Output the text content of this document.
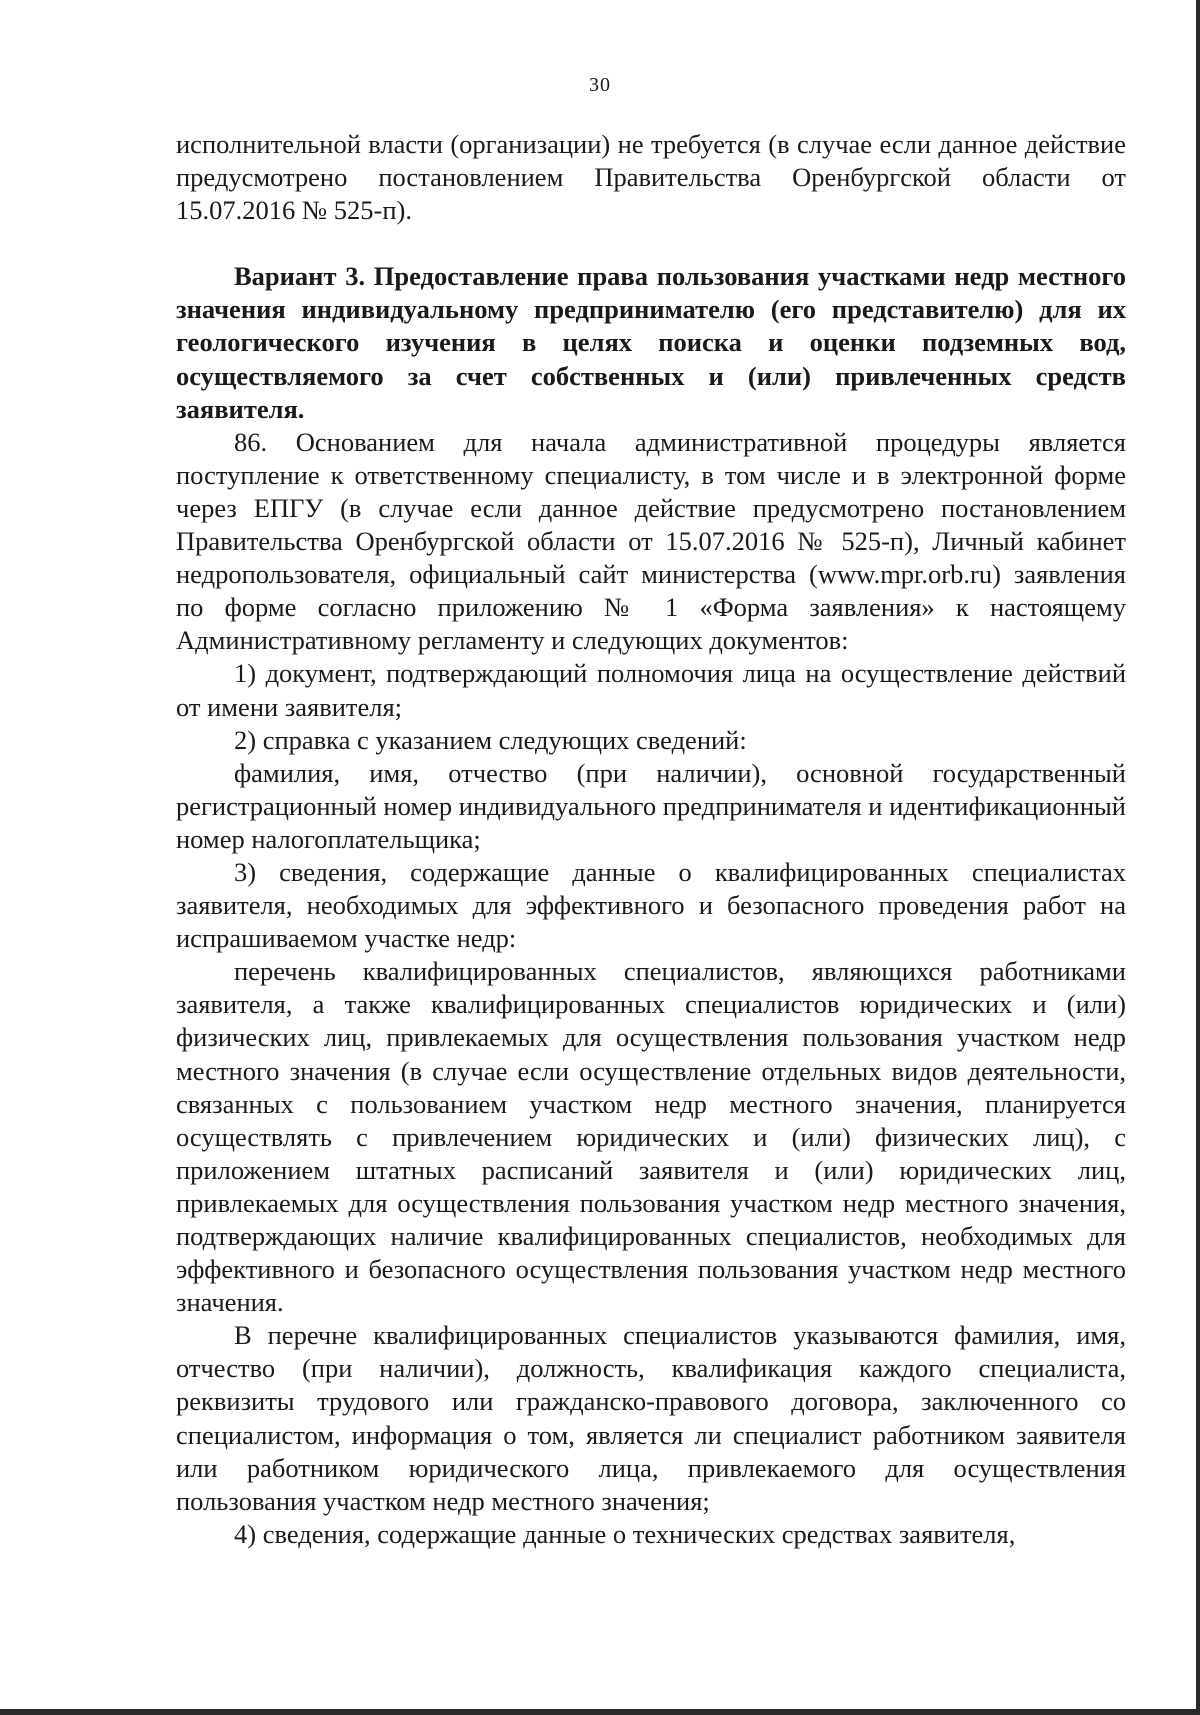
30

исполнительной власти (организации) не требуется (в случае если данное действие предусмотрено постановлением Правительства Оренбургской области от 15.07.2016 № 525-п).

Вариант 3. Предоставление права пользования участками недр местного значения индивидуальному предпринимателю (его представителю) для их геологического изучения в целях поиска и оценки подземных вод, осуществляемого за счет собственных и (или) привлеченных средств заявителя.

86. Основанием для начала административной процедуры является поступление к ответственному специалисту, в том числе и в электронной форме через ЕПГУ (в случае если данное действие предусмотрено постановлением Правительства Оренбургской области от 15.07.2016 № 525-п), Личный кабинет недропользователя, официальный сайт министерства (www.mpr.orb.ru) заявления по форме согласно приложению № 1 «Форма заявления» к настоящему Административному регламенту и следующих документов:

1) документ, подтверждающий полномочия лица на осуществление действий от имени заявителя;

2) справка с указанием следующих сведений:

фамилия, имя, отчество (при наличии), основной государственный регистрационный номер индивидуального предпринимателя и идентификационный номер налогоплательщика;

3) сведения, содержащие данные о квалифицированных специалистах заявителя, необходимых для эффективного и безопасного проведения работ на испрашиваемом участке недр:

перечень квалифицированных специалистов, являющихся работниками заявителя, а также квалифицированных специалистов юридических и (или) физических лиц, привлекаемых для осуществления пользования участком недр местного значения (в случае если осуществление отдельных видов деятельности, связанных с пользованием участком недр местного значения, планируется осуществлять с привлечением юридических и (или) физических лиц), с приложением штатных расписаний заявителя и (или) юридических лиц, привлекаемых для осуществления пользования участком недр местного значения, подтверждающих наличие квалифицированных специалистов, необходимых для эффективного и безопасного осуществления пользования участком недр местного значения.

В перечне квалифицированных специалистов указываются фамилия, имя, отчество (при наличии), должность, квалификация каждого специалиста, реквизиты трудового или гражданско-правового договора, заключенного со специалистом, информация о том, является ли специалист работником заявителя или работником юридического лица, привлекаемого для осуществления пользования участком недр местного значения;

4) сведения, содержащие данные о технических средствах заявителя,
